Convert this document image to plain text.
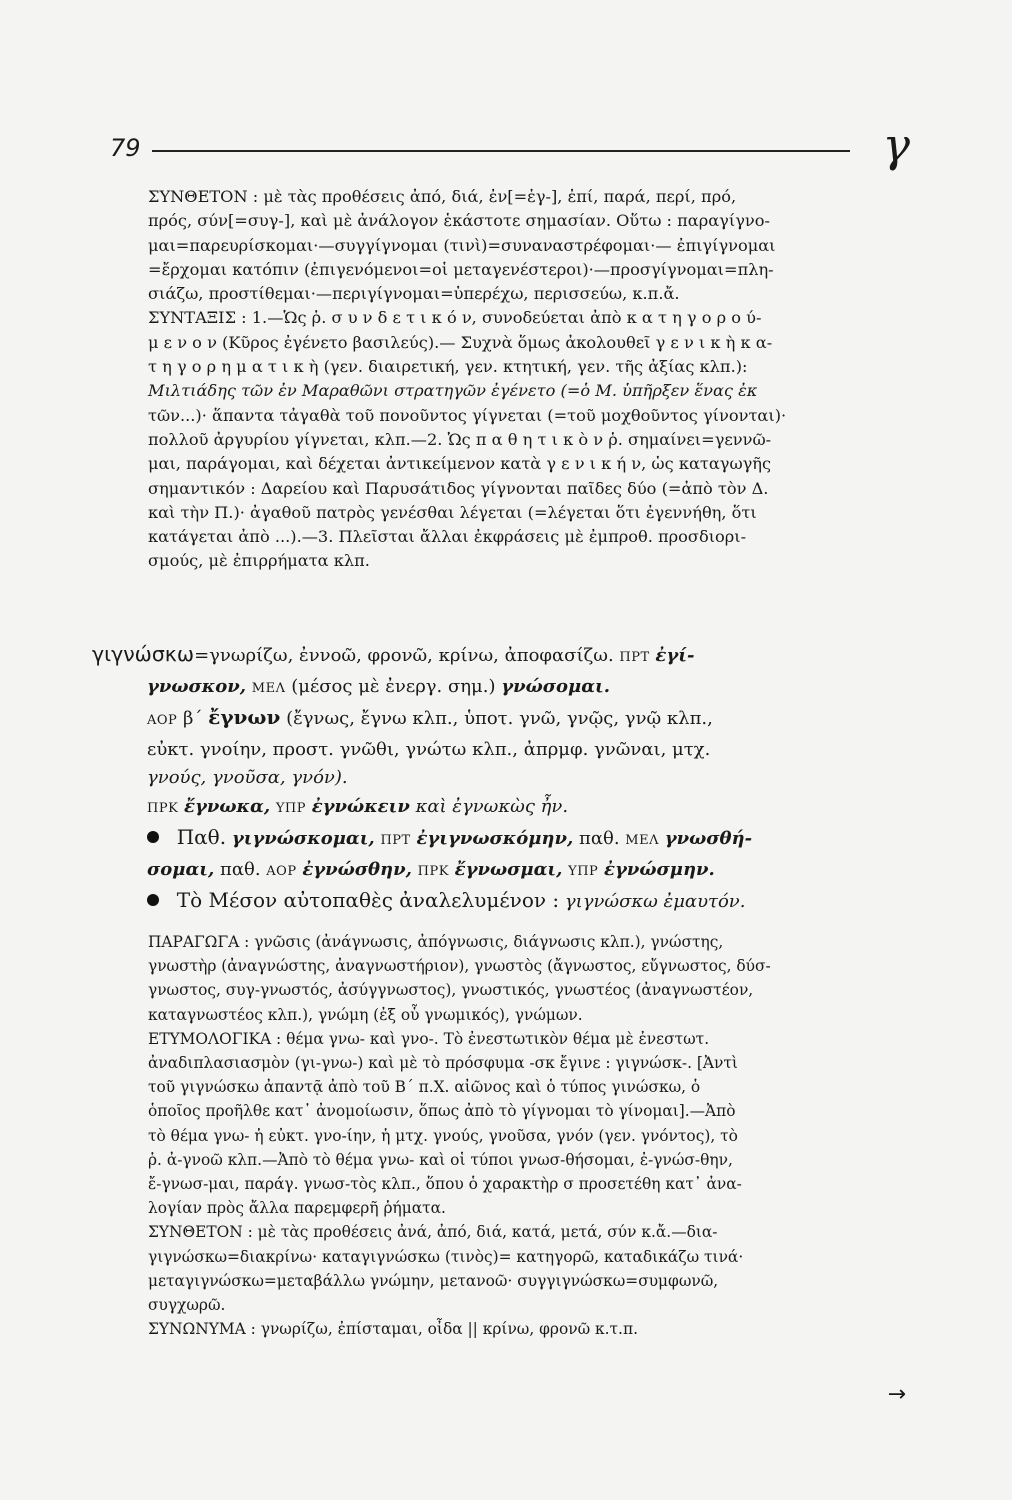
79	γ
ΣΥΝΘΕΤΟΝ : μὲ τὰς προθέσεις ἀπό, διά, ἐν[=ἐγ-], ἐπί, παρά, περί, πρό,
πρός, σύν[=συγ-], καὶ μὲ ἀνάλογον ἑκάστοτε σημασίαν. Οὕτω : παραγίγνο-
μαι=παρευρίσκομαι·—συγγίγνομαι (τινὶ)=συναναστρέφομαι·— ἐπιγίγνομαι
=ἔρχομαι κατόπιν (ἐπιγενόμενοι=οἱ μεταγενέστεροι)·—προσγίγνομαι=πλη-
σιάζω, προστίθεμαι·—περιγίγνομαι=ὑπερέχω, περισσεύω, κ.π.ἄ.
ΣΥΝΤΑΞΙΣ : 1.—Ὡς ῥ. σ υ ν δ ε τ ι κ ό ν, συνοδεύεται ἀπὸ κ α τ η γ ο ρ ο ύ-
μ ε ν ο ν (Κῦρος ἐγένετο βασιλεύς).— Συχνὰ ὅμως ἀκολουθεῖ γ ε ν ι κ ὴ κ α-
τ η γ ο ρ η μ α τ ι κ ὴ (γεν. διαιρετική, γεν. κτητική, γεν. τῆς ἀξίας κλπ.):
Μιλτιάδης τῶν ἐν Μαραθῶνι στρατηγῶν ἐγένετο (=ὁ Μ. ὑπῆρξεν ἕνας ἐκ
τῶν...)· ἅπαντα τἀγαθὰ τοῦ πονοῦντος γίγνεται (=τοῦ μοχθοῦντος γίνονται)·
πολλοῦ ἀργυρίου γίγνεται, κλπ.—2. Ὡς π α θ η τ ι κ ὸ ν ῥ. σημαίνει=γεννῶ-
μαι, παράγομαι, καὶ δέχεται ἀντικείμενον κατὰ γ ε ν ι κ ή ν, ὡς καταγωγῆς
σημαντικόν : Δαρείου καὶ Παρυσάτιδος γίγνονται παῖδες δύο (=ἀπὸ τὸν Δ.
καὶ τὴν Π.)· ἀγαθοῦ πατρὸς γενέσθαι λέγεται (=λέγεται ὅτι ἐγεννήθη, ὅτι
κατάγεται ἀπὸ ...).—3. Πλεῖσται ἄλλαι ἐκφράσεις μὲ ἐμπροθ. προσδιορι-
σμούς, μὲ ἐπιρρήματα κλπ.
γιγνώσκω=γνωρίζω, ἐννοῶ, φρονῶ, κρίνω, ἀποφασίζω. ΠΡΤ ἐγί-
γνωσκον, ΜΕΛ (μέσος μὲ ἐνεργ. σημ.) γνώσομαι.
ΑΟΡ β΄ ἔγνων (ἔγνως, ἔγνω κλπ., ὑποτ. γνῶ, γνῷς, γνῷ κλπ.,
εὐκτ. γνοίην, προστ. γνῶθι, γνώτω κλπ., ἀπρμφ. γνῶναι, μτχ.
γνούς, γνοῦσα, γνόν).
ΠΡΚ ἔγνωκα, ΥΠΡ ἐγνώκειν καὶ ἐγνωκὼς ἦν.
Παθ. γιγνώσκομαι, ΠΡΤ ἐγιγνωσκόμην, παθ. ΜΕΛ γνωσθή-
σομαι, παθ. ΑΟΡ ἐγνώσθην, ΠΡΚ ἔγνωσμαι, ΥΠΡ ἐγνώσμην.
Τὸ Μέσον αὐτοπαθὲς ἀναλελυμένον : γιγνώσκω ἐμαυτόν.
ΠΑΡΑΓΩΓΑ : γνῶσις (ἀνάγνωσις, ἀπόγνωσις, διάγνωσις κλπ.), γνώστης,
γνωστὴρ (ἀναγνώστης, ἀναγνωστήριον), γνωστὸς (ἄγνωστος, εὔγνωστος, δύσ-
γνωστος, συγ-γνωστός, ἀσύγγνωστος), γνωστικός, γνωστέος (ἀναγνωστέον,
καταγνωστέος κλπ.), γνώμη (ἐξ οὗ γνωμικός), γνώμων.
ΕΤΥΜΟΛΟΓΙΚΑ : θέμα γνω- καὶ γνο-. Τὸ ἐνεστωτικὸν θέμα μὲ ἐνεστωτ.
ἀναδιπλασιασμὸν (γι-γνω-) καὶ μὲ τὸ πρόσφυμα -σκ ἔγινε : γιγνώσκ-. [Ἀντὶ
τοῦ γιγνώσκω ἀπαντᾷ ἀπὸ τοῦ Β΄ π.Χ. αἰῶνος καὶ ὁ τύπος γινώσκω, ὁ
ὁποῖος προῆλθε κατ᾿ ἀνομοίωσιν, ὅπως ἀπὸ τὸ γίγνομαι τὸ γίνομαι].—Ἀπὸ
τὸ θέμα γνω- ἡ εὐκτ. γνο-ίην, ἡ μτχ. γνούς, γνοῦσα, γνόν (γεν. γνόντος), τὸ
ῥ. ἀ-γνοῶ κλπ.—Ἀπὸ τὸ θέμα γνω- καὶ οἱ τύποι γνωσ-θήσομαι, ἐ-γνώσ-θην,
ἔ-γνωσ-μαι, παράγ. γνωσ-τὸς κλπ., ὅπου ὁ χαρακτὴρ σ προσετέθη κατ᾿ ἀνα-
λογίαν πρὸς ἄλλα παρεμφερῆ ῥήματα.
ΣΥΝΘΕΤΟΝ : μὲ τὰς προθέσεις ἀνά, ἀπό, διά, κατά, μετά, σύν κ.ἄ.—δια-
γιγνώσκω=διακρίνω· καταγιγνώσκω (τινὸς)= κατηγορῶ, καταδικάζω τινά·
μεταγιγνώσκω=μεταβάλλω γνώμην, μετανοῶ· συγγιγνώσκω=συμφωνῶ,
συγχωρῶ.
ΣΥΝΩΝΥΜΑ : γνωρίζω, ἐπίσταμαι, οἶδα || κρίνω, φρονῶ κ.τ.π.
→
